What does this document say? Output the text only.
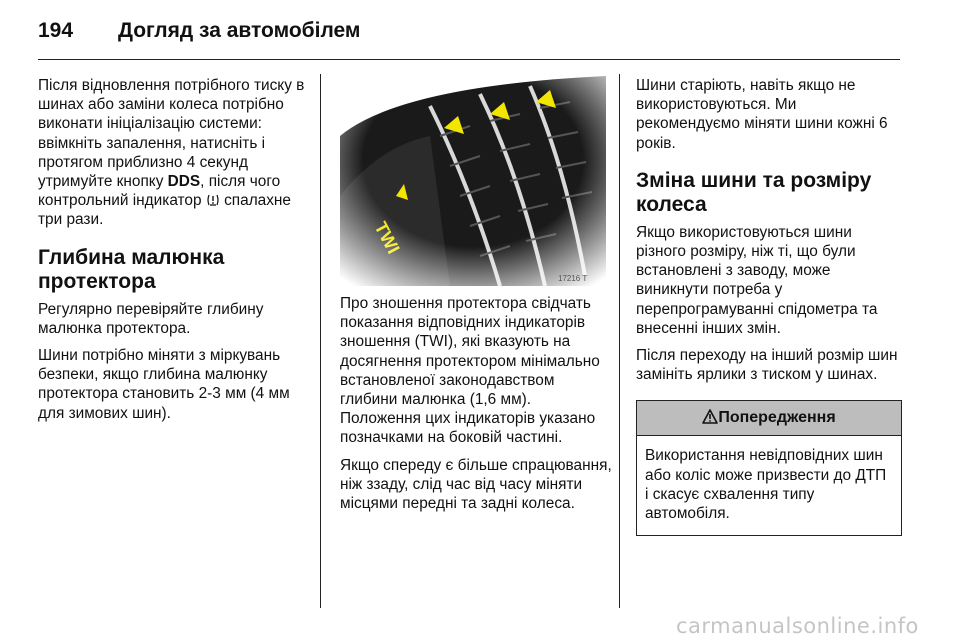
194	Догляд за автомобілем

Після відновлення потрібного тиску в шинах або заміни колеса потрібно виконати ініціалізацію системи: ввімкніть запалення, натисніть і протягом приблизно 4 секунд утримуйте кнопку DDS, після чого контрольний індикатор  спалахне три рази.

Глибина малюнка протектора

Регулярно перевіряйте глибину малюнка протектора.

Шини потрібно міняти з міркувань безпеки, якщо глибина малюнку протектора становить 2-3 мм (4 мм для зимових шин).

17216 T

Про зношення протектора свідчать показання відповідних індикаторів зношення (TWI), які вказують на досягнення протектором мінімально встановленої законодавством глибини малюнка (1,6 мм). Положення цих індикаторів указано позначками на боковій частині.

Якщо спереду є більше спрацювання, ніж ззаду, слід час від часу міняти місцями передні та задні колеса.

Шини старіють, навіть якщо не використовуються. Ми рекомендуємо міняти шини кожні 6 років.

Зміна шини та розміру колеса

Якщо використовуються шини різного розміру, ніж ті, що були встановлені з заводу, може виникнути потреба у перепрограмуванні спідометра та внесенні інших змін.

Після переходу на інший розмір шин замініть ярлики з тиском у шинах.

Попередження
Використання невідповідних шин або коліс може призвести до ДТП і скасує схвалення типу автомобіля.
carmanualsonline.info
